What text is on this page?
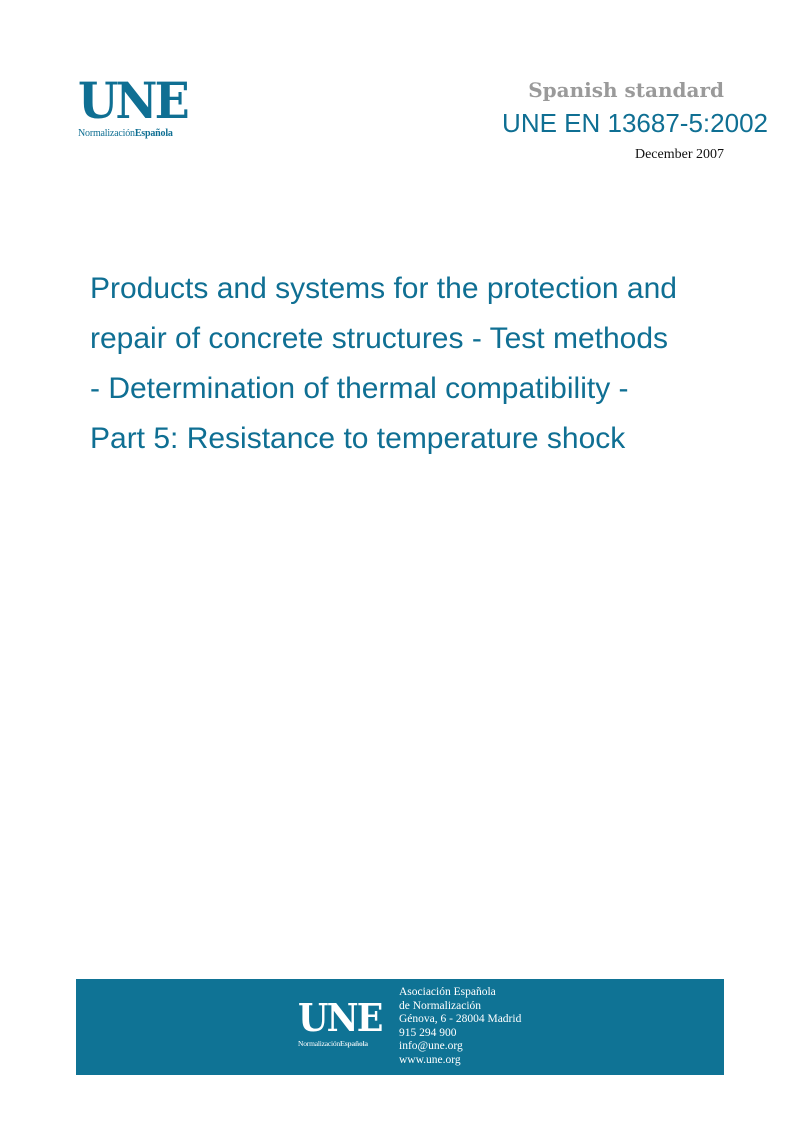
UNE
NormalizaciónEspañola
Spanish standard
UNE EN 13687-5:2002
December 2007
Products and systems for the protection and
repair of concrete structures - Test methods
- Determination of thermal compatibility -
Part 5: Resistance to temperature shock
UNE
NormalizaciónEspañola
Asociación Española
de Normalización
Génova, 6 - 28004 Madrid
915 294 900
info@une.org
www.une.org
